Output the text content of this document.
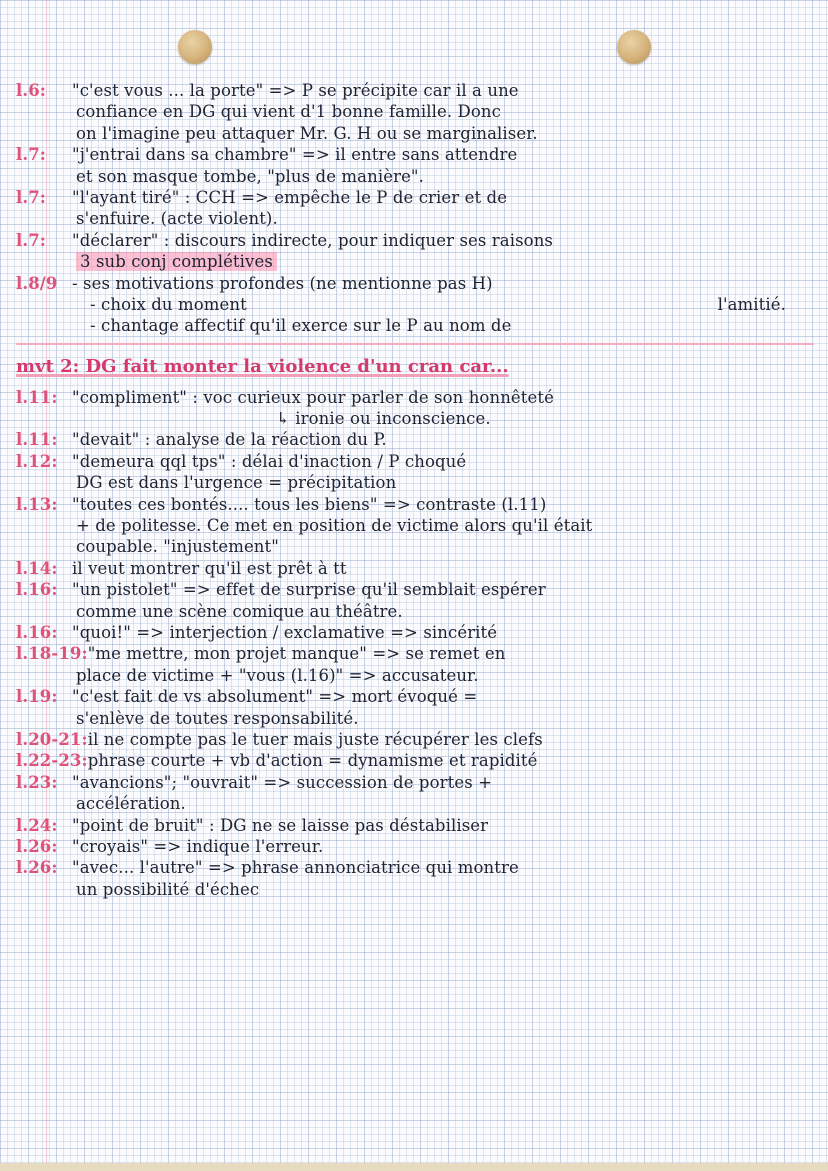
l.6: "c'est vous ... la porte" => P se précipite car il a une
confiance en DG qui vient d'1 bonne famille. Donc
on l'imagine peu attaquer Mr. G. H ou se marginaliser.
l.7: "j'entrai dans sa chambre" => il entre sans attendre
et son masque tombe, "plus de manière".
l.7: "l'ayant tiré" : CCH => empêche le P de crier et de
s'enfuire. (acte violent).
l.7: "déclarer" : discours indirecte, pour indiquer ses raisons
3 sub conj complétives
l.8/9 - ses motivations profondes (ne mentionne pas H)
- choix du moment	l'amitié.
- chantage affectif qu'il exerce sur le P au nom de
mvt 2: DG fait monter la violence d'un cran car...
l.11: "compliment" : voc curieux pour parler de son honnêteté
↳ ironie ou inconscience.
l.11: "devait" : analyse de la réaction du P.
l.12: "demeura qql tps" : délai d'inaction / P choqué
DG est dans l'urgence = précipitation
l.13: "toutes ces bontés.... tous les biens" => contraste (l.11)
+ de politesse. Ce met en position de victime alors qu'il était
coupable. "injustement"
l.14: il veut montrer qu'il est prêt à tt
l.16: "un pistolet" => effet de surprise qu'il semblait espérer
comme une scène comique au théâtre.
l.16: "quoi!" => interjection / exclamative => sincérité
l.18-19:"me mettre, mon projet manque" => se remet en
place de victime + "vous (l.16)" => accusateur.
l.19: "c'est fait de vs absolument" => mort évoqué =
s'enlève de toutes responsabilité.
l.20-21:il ne compte pas le tuer mais juste récupérer les clefs
l.22-23:phrase courte + vb d'action = dynamisme et rapidité
l.23: "avancions"; "ouvrait" => succession de portes +
accélération.
l.24: "point de bruit" : DG ne se laisse pas déstabiliser
l.26: "croyais" => indique l'erreur.
l.26: "avec... l'autre" => phrase annonciatrice qui montre
un possibilité d'échec
